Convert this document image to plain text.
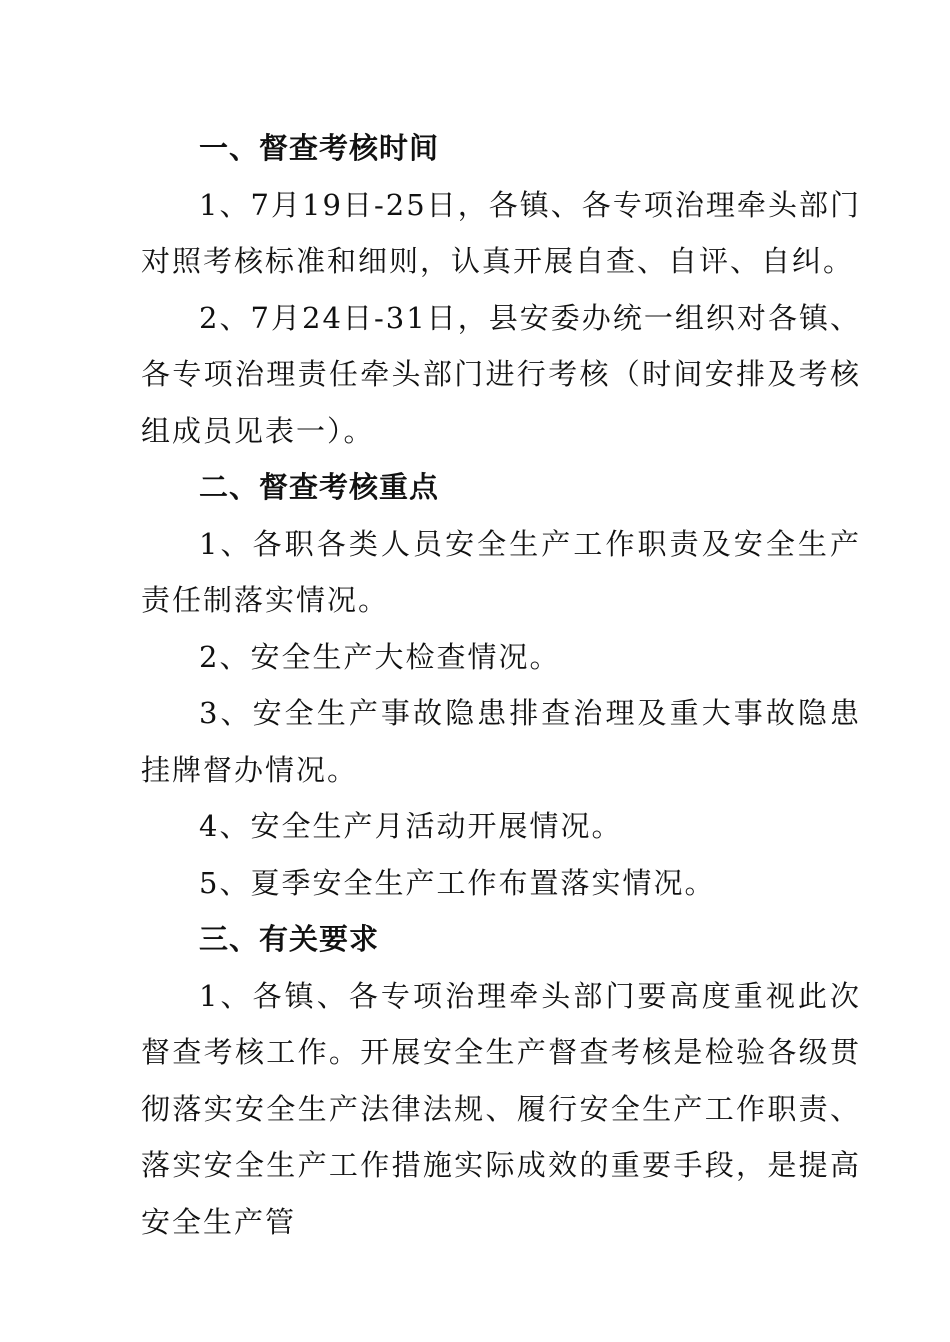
一、督查考核时间

1、7月19日-25日，各镇、各专项治理牵头部门对照考核标准和细则，认真开展自查、自评、自纠。

2、7月24日-31日，县安委办统一组织对各镇、各专项治理责任牵头部门进行考核（时间安排及考核组成员见表一）。

二、督查考核重点

1、各职各类人员安全生产工作职责及安全生产责任制落实情况。

2、安全生产大检查情况。

3、安全生产事故隐患排查治理及重大事故隐患挂牌督办情况。

4、安全生产月活动开展情况。

5、夏季安全生产工作布置落实情况。

三、有关要求

1、各镇、各专项治理牵头部门要高度重视此次督查考核工作。开展安全生产督查考核是检验各级贯彻落实安全生产法律法规、履行安全生产工作职责、落实安全生产工作措施实际成效的重要手段，是提高安全生产管
